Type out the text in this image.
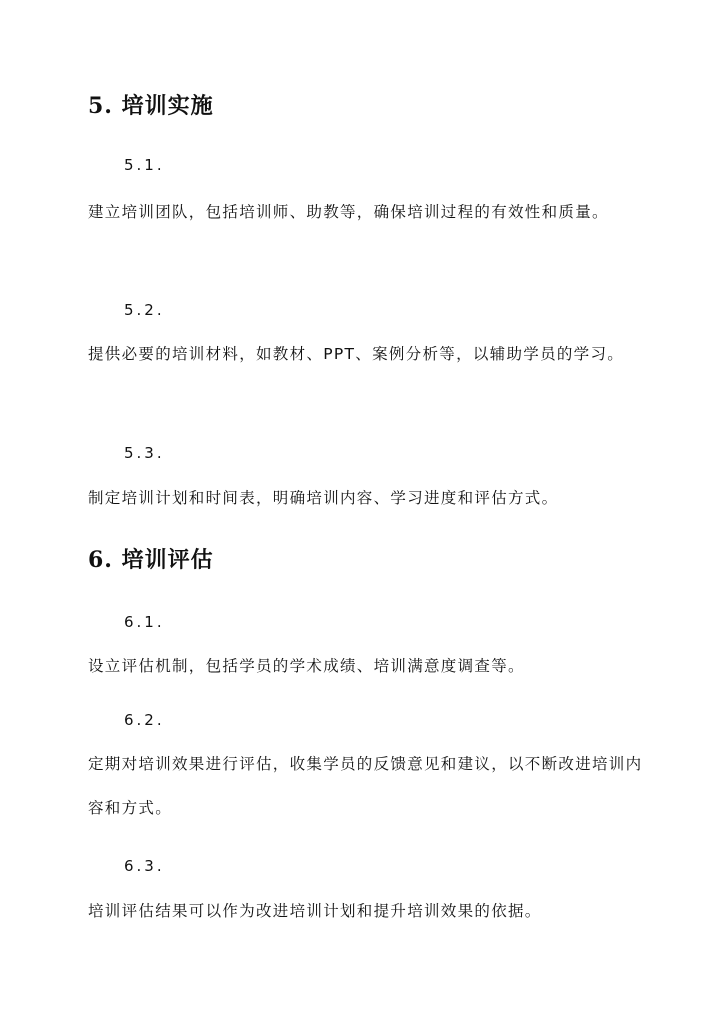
5. 培训实施
5.1.

建立培训团队，包括培训师、助教等，确保培训过程的有效性和质量。

5.2.

提供必要的培训材料，如教材、PPT、案例分析等，以辅助学员的学习。

5.3.

制定培训计划和时间表，明确培训内容、学习进度和评估方式。

6. 培训评估
6.1.

设立评估机制，包括学员的学术成绩、培训满意度调查等。

6.2.

定期对培训效果进行评估，收集学员的反馈意见和建议，以不断改进培训内容和方式。

6.3.

培训评估结果可以作为改进培训计划和提升培训效果的依据。
